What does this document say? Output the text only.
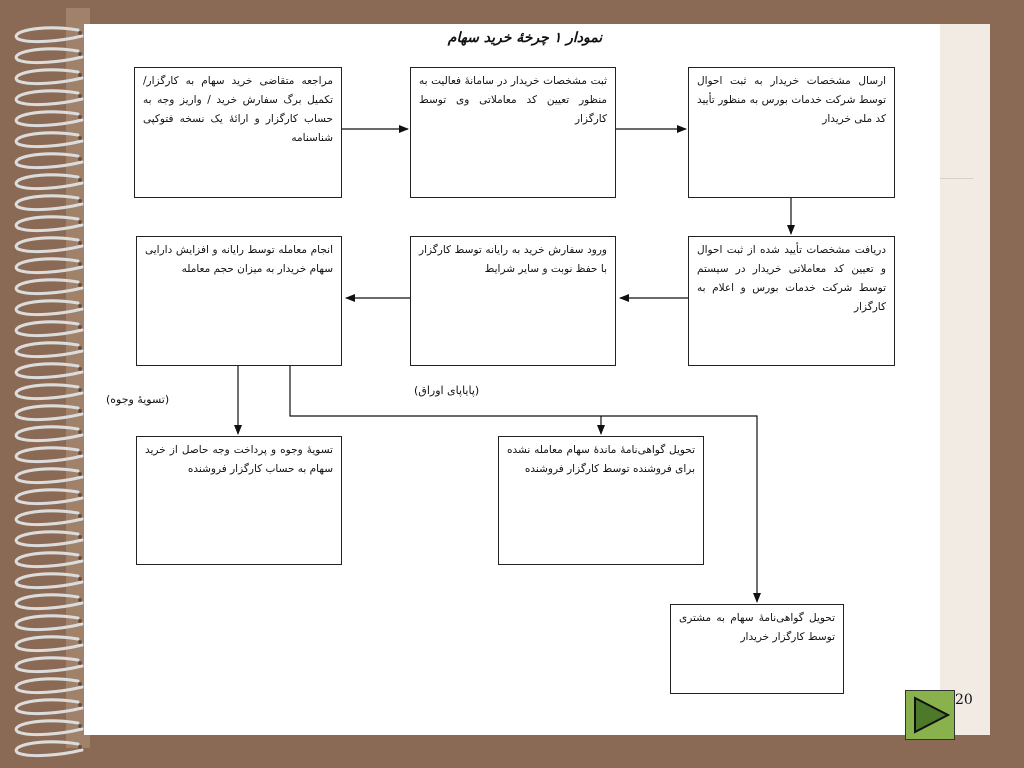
نمودار ۱ چرخهٔ خرید سهام
مراجعه متقاضی خرید سهام به کارگزار/ تکمیل برگ سفارش خرید / واریز وجه به حساب کارگزار و ارائهٔ یک نسخه فتوکپی شناسنامه
ثبت مشخصات خریدار در سامانهٔ فعالیت به منظور تعیین کد معاملاتی وی توسط کارگزار
ارسال مشخصات خریدار به ثبت احوال توسط شرکت خدمات بورس به منظور تأیید کد ملی خریدار
دریافت مشخصات تأیید شده از ثبت احوال و تعیین کد معاملاتی خریدار در سیستم توسط شرکت خدمات بورس و اعلام به کارگزار
ورود سفارش خرید به رایانه توسط کارگزار با حفظ نوبت و سایر شرایط
انجام معامله توسط رایانه و افزایش دارایی سهام خریدار به میزان حجم معامله
تسویهٔ وجوه و پرداخت وجه حاصل از خرید سهام به حساب کارگزار فروشنده
تحویل گواهی‌نامهٔ ماندهٔ سهام معامله نشده برای فروشنده توسط کارگزار فروشنده
تحویل گواهی‌نامهٔ سهام به مشتری توسط کارگزار خریدار
(تسویهٔ وجوه)
(پایاپای اوراق)
20
